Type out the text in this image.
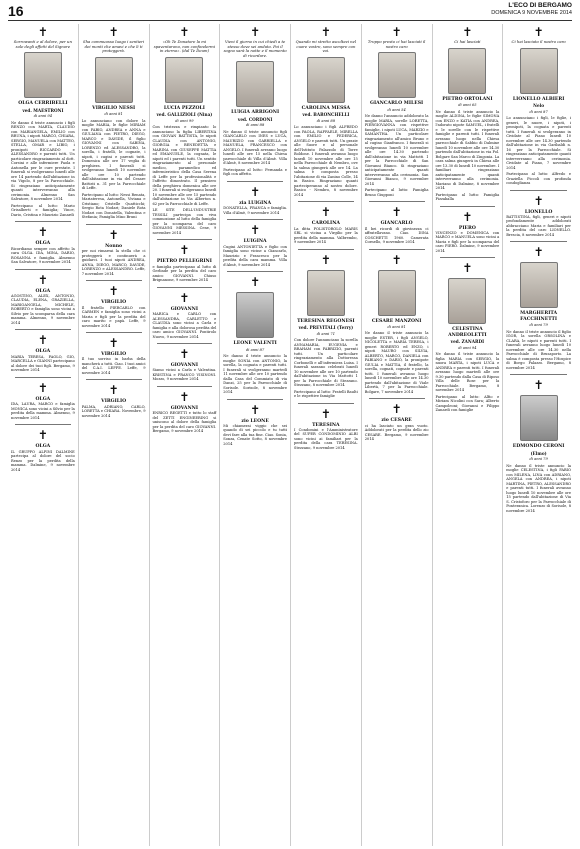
16	L'ECO DI BERGAMO
DOMENICA 9 NOVEMBRE 2014
✝
Sorrowanti e al dolore, per un sole degli affetti del Signore
OLGA CERRIBELLI
ved. MAESTRONI
di anni 94

Ne danno il triste annuncio i figli RENZO con MARTA, CLAUDIO con MARIANGELA, EMILIO con BRUNA, i nipoti MARCO, CHIARA, SERGIO, MANUELA con MATTEO, STELLA, OMAR e LIBIO, i pronipoti RICCARDO e ALESSANDRO e parenti tutti. Un particolare ringraziamento al dott. Corsini e alle infermiere Paola e Antonella per le cure prestate. I funerali si svolgeranno lunedì alle ore 14 partendo dall'abitazione in via Vigolo, 8 per la Parrocchiale. Si ringraziano anticipatamente quanti interverranno alla cerimonia. Almenno San Salvatore, 8 novembre 2014

Partecipano al lutto: Mario Grisalberti e famiglia; Vince, Dario, Cristina e Maurizio Zanardi

✝
OLGA

Ricordiamo sempre con affetto la cara OLGA. IDA, MINA, DARIO, ROSANNA e famiglia. Almenno San Salvatore, 9 novembre 2014

✝
OLGA

AGOSTINO, ALEX, ANTONIO, CLAUDIA, ELENA, GRAZIELLA, MARIOANGELA, MICHELE, ROBERTO e famiglia sono vicini a Silvio per la scomparsa della cara mamma. Almenno, 9 novembre 2014

✝
OLGA

MARIA TERESA, PAOLO, GIO, MARCELLA e GIANNI partecipano al dolore dei tuoi figli. Bergamo, 9 novembre 2014

✝
OLGA

IDA, LAURA, MARCO e famiglia MONICA sono vicini a Silvio per la perdita della mamma. Almenno, 9 novembre 2014

✝
OLGA

IL GRUPPO ALPINI DALMINE partecipa al dolore del socio Renzo per la perdita della mamma. Dalmine, 9 novembre 2014

✝
Sha commuosso luogo i sentieri dei monti che amavi e che li ti proteggerà.
VIRGILIO NESSI
di anni 81

Lo annunciano con dolore la moglie MARIA, le figlie MIRIAM con FABIO, ANDREA e ANNA e GIULIANA con PIETRO, DIEGO, MARCO e DAVIDE, il figlio GIOVANNI con SABINA, LORENZO ed ALESSANDRO, la sorella, i fratelli, le cognate, i nipoti, i cugini e parenti tutti. Domenica alle ore 17 veglia di preghiera. I funerali si svolgeranno lunedì 10 novembre alle ore 10 partendo dall'abitazione in via del Cesare Battisti n. 31 per la Parrocchiale di Leffe.

Partecipano al lutto: Nessi Renata, Mariateresa, Antonella, Viviana e Cristiano; Cristelle Quatticchi; Sergio Rota Nodari; Daniele Rota Nodari con Donatella, Valentina e Stefania; Famiglia Mino Bruni

✝
Nonno

per noi rimarrai la stella che ci proteggerà e continuerà a guidarci. I tuoi nipoti ANDREA, ANNA, DIEGO, MARCO, DAVIDE, LORENZO e ALESSANDRO. Leffe, 7 novembre 2014

✝
VIRGILIO

Il fratello PIERCARLO con CARMEN e famiglia sono vicini a Maria e figli per la perdita del caro marito e papà. Leffe, 9 novembre 2014

✝
VIRGILIO

Il tuo sorriso in barba della mancherà a tutti. Ciao. I tuoi amici del C.A.I. LEFFE. Leffe, 9 novembre 2014

✝
VIRGILIO

PALMA, ADRIANO, CARLO, LORETTA e CHIARA. Novembre, 9 novembre 2014

✝
«Oh Te Donatore la mi spaventarono, non confondermi in eterno». (dal Te Deum)
LUCIA PEZZOLI
ved. GALLIZIOLI (Nina)
di anni 99

Con tristezza e rimpianto lo annunciano la figlia LIBERTINA con GIOVAN BATTISTA, le nipoti CLAUDIA con ANTONIO, GIORGIA e BENEDETTA e MARINA con GIUSEPPE MATTIA ed EMANUELE, la cognata, le nipoti ed i parenti tutti. Un sentito ringraziamento al personale medico, paramedico ed infermieristico della Casa Serena di Leffe per la professionalità e l'affetto dimostrato. Il pensiero della preghiera domenica alle ore 20. I funerali si svolgeranno lunedì 10 novembre alle ore 15 partendo dall'abitazione in Via Alberton n. 62 per la Parrocchiale di Leffe.

LE SITE DELL'INDUSTRIE TESSILI partecipa con viva commozione al lutto della famiglia per la scomparsa del caro GIOVANNI MESSINA. Cene, 9 novembre 2014

✝
PIETRO PELLEGRINI

e famiglia partecipano al lutto di Gerlinde per la perdita del caro amico GIOVANNI. Chiuso Brignanone, 9 novembre 2014

✝
GIOVANNI

MARICA e CARLO con ALESSANDRA, CARLETTO e CLAUDIA sono vicini a Carla e famiglia e alla dolorosa perdita del caro amico GIOVANNI. Pontirolo Nuovo, 9 novembre 2014

✝
GIOVANNI

Siamo vicini a Carla e Valentina. KRISTINA e FRANCO VISINONI. Mozzo, 9 novembre 2014

✝
GIOVANNI

ENRICO REGETTI e tutto lo staff del ZETTI ENGINEERING si uniscono al dolore della famiglia per la perdita del caro GIOVANNI. Bergamo, 9 novembre 2014

✝
Vieni il giorno in cui chiedi a te stesso dove sei andato. Poi il sogno sarà la notte e il momento di ricordare.
LUIGIA ARRIGONI
ved. CORDONI
di anni 88

Ne danno il triste annuncio figli GIANCARLO con INES e LUCA, MAURIZIO con GABRIELLA e MANUELA, FRANCESCO con ANGELO. I funerali avranno luogo lunedì alle ore 15 nella Chiesa parrocchiale di Villa d'Almè. Villa d'Almè, 8 novembre 2014

Partecipano al lutto: Fernanda e figli con affetto.

✝
zia LUIGINA

DONATELLA, FRANCA e famiglia. Villa d'Almè, 9 novembre 2014

✝
LUIGINA

Cugini ANTONIETTA e figlio con famiglia sono vicine a Giancarlo, Maurizio e Francesco per la perdita della cara mamma. Villa d'Almè, 9 novembre 2014

✝
LEONE VALENTI
di anni 87

Ne danno il triste annuncio la moglie SONIA con ANTONIO, la sorella, la cognata e parenti tutti. I funerali si svolgeranno martedì 11 novembre alle ore 10 partendo dalla Casa del Commiato di via Danzi, 25 per la Parrocchiale di Sorisole. Sorisole, 8 novembre 2014

✝
zio LEONE

Mi chiamerai viggio che sei quando di sei piccolo e tu tutti devi fare alla tua fine. Ciao. Sonia, Sonza, Cenate Sotto, 8 novembre 2014

✝
Quando mi stretto ascoltavi nel cuore vostro, sono sempre con voi.
CAROLINA MESSA
ved. BARONCHELLI
di anni 88

Lo annunciano i figli ALFREDO con PAOLA, RAFFAELE, MIRELLA con EMILIO e FEDERICA, ANGELO e parenti tutti. Un grazie alle Suore e al personale dell'Istituto Palazzolo di Torre Boldone. I funerali avranno luogo lunedì 10 novembre alle ore 15 nella Parrocchiale di Nembro, ove la salma giungerà alle ore 14. La salma è composta presso l'abitazione di via Zanino Colle, 14 in Basico. Ringraziano quanti parteciperanno al nostro dolore. Basico - Nembro, 8 novembre 2014

✝
CAROLINA

La ditta POLISTOROLO MARIS SRL si vicina a Virgilio per la perdita della mamma. Valbrembo, 9 novembre 2014

✝
TERESINA REGONESI
ved. PREVITALI (Terry)
di anni 71

Con dolore l'annunciano la sorella ANNAMARIA, EUGENIA e BRAHAM con FABRIZIO, parenti tutti. Un particolare ringraziamento alla Dottoressa Corbonelli e all'infermiera Luisa. I funerali saranno celebrati lunedì 10 novembre alle ore 10 partendo dall'abitazione in Via Mattotti 1 per la Parrocchiale di Stezzano. Stezzano, 8 novembre 2014

Partecipano al lutto: Fratelli Baulti e le rispettive famiglie

✝
TERESINA

I Condomini e l'Amministratore del SUPER CONDOMINIO ALBI sono vicini ai familiari per la perdita della cara TERESINA. Stezzano, 9 novembre 2014

✝
Troppo presto ci hai lasciati il nostro caro
GIANCARLO MILESI
di anni 54

Ne danno l'annuncio addolorato la moglie MARIA, sorelle LORETTA, PIERGIOVANNA con rispettive famiglie, i nipoti LUCA, MARZIO e SAMANTHA. Un particolare ringraziamento all'amico Bruno e al cugino Gianfranco. I funerali si svolgeranno lunedì 10 novembre alle ore 14.30 partendo dall'abitazione in via Mattotti 1 per la Parrocchiale di San Giovanni Bianco. Si ringraziano anticipatamente quanti interverranno alla cerimonia. San Giovanni Bianco, 9 novembre 2014

Partecipano al lutto: Famiglia Bruno Giupponi

✝
GIANCARLO

Il bei ricordi di giovinezza ci affratellavano. Ciao. DINA COSCHETTI 1960. Camerata Cornello, 9 novembre 2014

✝
CESARE MANZONI
di anni 81

Ne danno il triste annuncio la moglie ESTER, i figli ANGELO, NICOLETTA e MARIA TERESA, i generi ROBERTO ed ENZO, i nipoti MAURO con SILVIA, ALBERTO, MARCO, DANIELA con FABIANO e DARIO, la pronipote GIULIA e MATTIA, il fratello, la sorella, cognati, cognate e parenti tutti. I funerali avranno luogo lunedì 10 novembre alle ore 14.30 partendo dall'abitazione di Viale Libertà, 7 per la Parrocchiale. Bolgare, 7 novembre 2014

✝
zio CESARE

ci ha lasciato un gran vuoto. Addolorati per la perdita dello zio CESARE. Bergamo, 9 novembre 2014

✝
Ci hai lasciati
PIETRO ORTOLANI
di anni 65

Ne danno il triste annuncio la moglie ALDINA, le figlie SIMONA con ENZO e KATIA con ANDREA, l'adorato nipote SAMUEL, i fratelli e le sorelle con le rispettive famiglie e parenti tutti. I funerali avranno luogo nella Chiesa parrocchiale di Sabbio di Dalmine lunedì 10 novembre alle ore 14.30 partendo dall'abitazione in via Pol. Bolgare San Marco di Zingonia. La cara salma giungerà in Chiesa alle ore 13.30 di lunedì 10 novembre. I familiari ringraziano anticipatamente quanti interverranno alla cerimonia. Mariano di Dalmine, 8 novembre 2014

Partecipano al lutto: Famiglia Pizzaballa

✝
PIERO

VINCENZO e DOMENICA con MARCO e MANUELA sono vicini a Maria e figli per la scomparsa del caro PIERO. Dalmine, 9 novembre 2014

✝
CELESTINA ANDREOLETTI
ved. ZANARDI
di anni 94

Ne danno il triste annuncio la figlia MARIA con SERGIO, la nuora MARTA, i nipoti LUCA e ANDREA e parenti tutti. I funerali avranno luogo martedì alle ore 9.30 partendo dalla Casa di Riposo Villa delle Rose per la Parrocchiale. Bergamo, 8 novembre 2014

Partecipano al lutto: Alfio e Miriam Nicolini con Sara; Alberto Campoleoni; Giovanni e Filippo Zanardi con famiglie

✝
Ci hai lasciato il nostro caro
LIONELLO ALBIERI
Nelo
di anni 87

Lo annunciano i figli, le figlie, i generi, le nuore, i nipoti, i pronipoti, la cognata e parenti tutti. I funerali si svolgeranno in Cividate al Piano lunedì 10 novembre alle ore 14.30 partendo dall'abitazione in via Garibaldi n. 16 per la Parrocchiale. Si ringraziano anticipatamente quanti interverranno alla cerimonia. Cividate al Piano, 7 novembre 2014

Partecipano al lutto: Alfredo e Graziella Piccoli con profonda condoglianza

✝
LIONELLO

BATTISTINA, figli, generi e nipoti profondamente addolorati abbracciano Maria e familiari per la perdita del caro LIONELLO. Brescia, 8 novembre 2014

✝
MARGHERITA FACCHINETTI
di anni 79

Ne danno il triste annuncio il figlio IGOR, la sorella ORSOLINA e CLARA, le nipoti e parenti tutti. I funerali avranno luogo lunedì 10 novembre alle ore 14.30 nella Parrocchiale di Brusaporto. La salma è composta presso l'Hospice di Borgo Palazzo. Bergamo, 8 novembre 2014

✝
EDMONDO CERONI
(Elmo)
di anni 79

Ne danno il triste annuncio la moglie CELESTINA, i figli FABIO con MILENA, LINA con ADRIANO, ANGELA con ANDREA, i nipoti MARTINA, PIETRO, ALESSANDRO e parenti tutti. I funerali avranno luogo lunedì 10 novembre alle ore 15 partendo dall'abitazione di Via S. Cristoforo per la Parrocchiale di Ponteranica. Lorenzo di Sorisole, 8 novembre 2014
